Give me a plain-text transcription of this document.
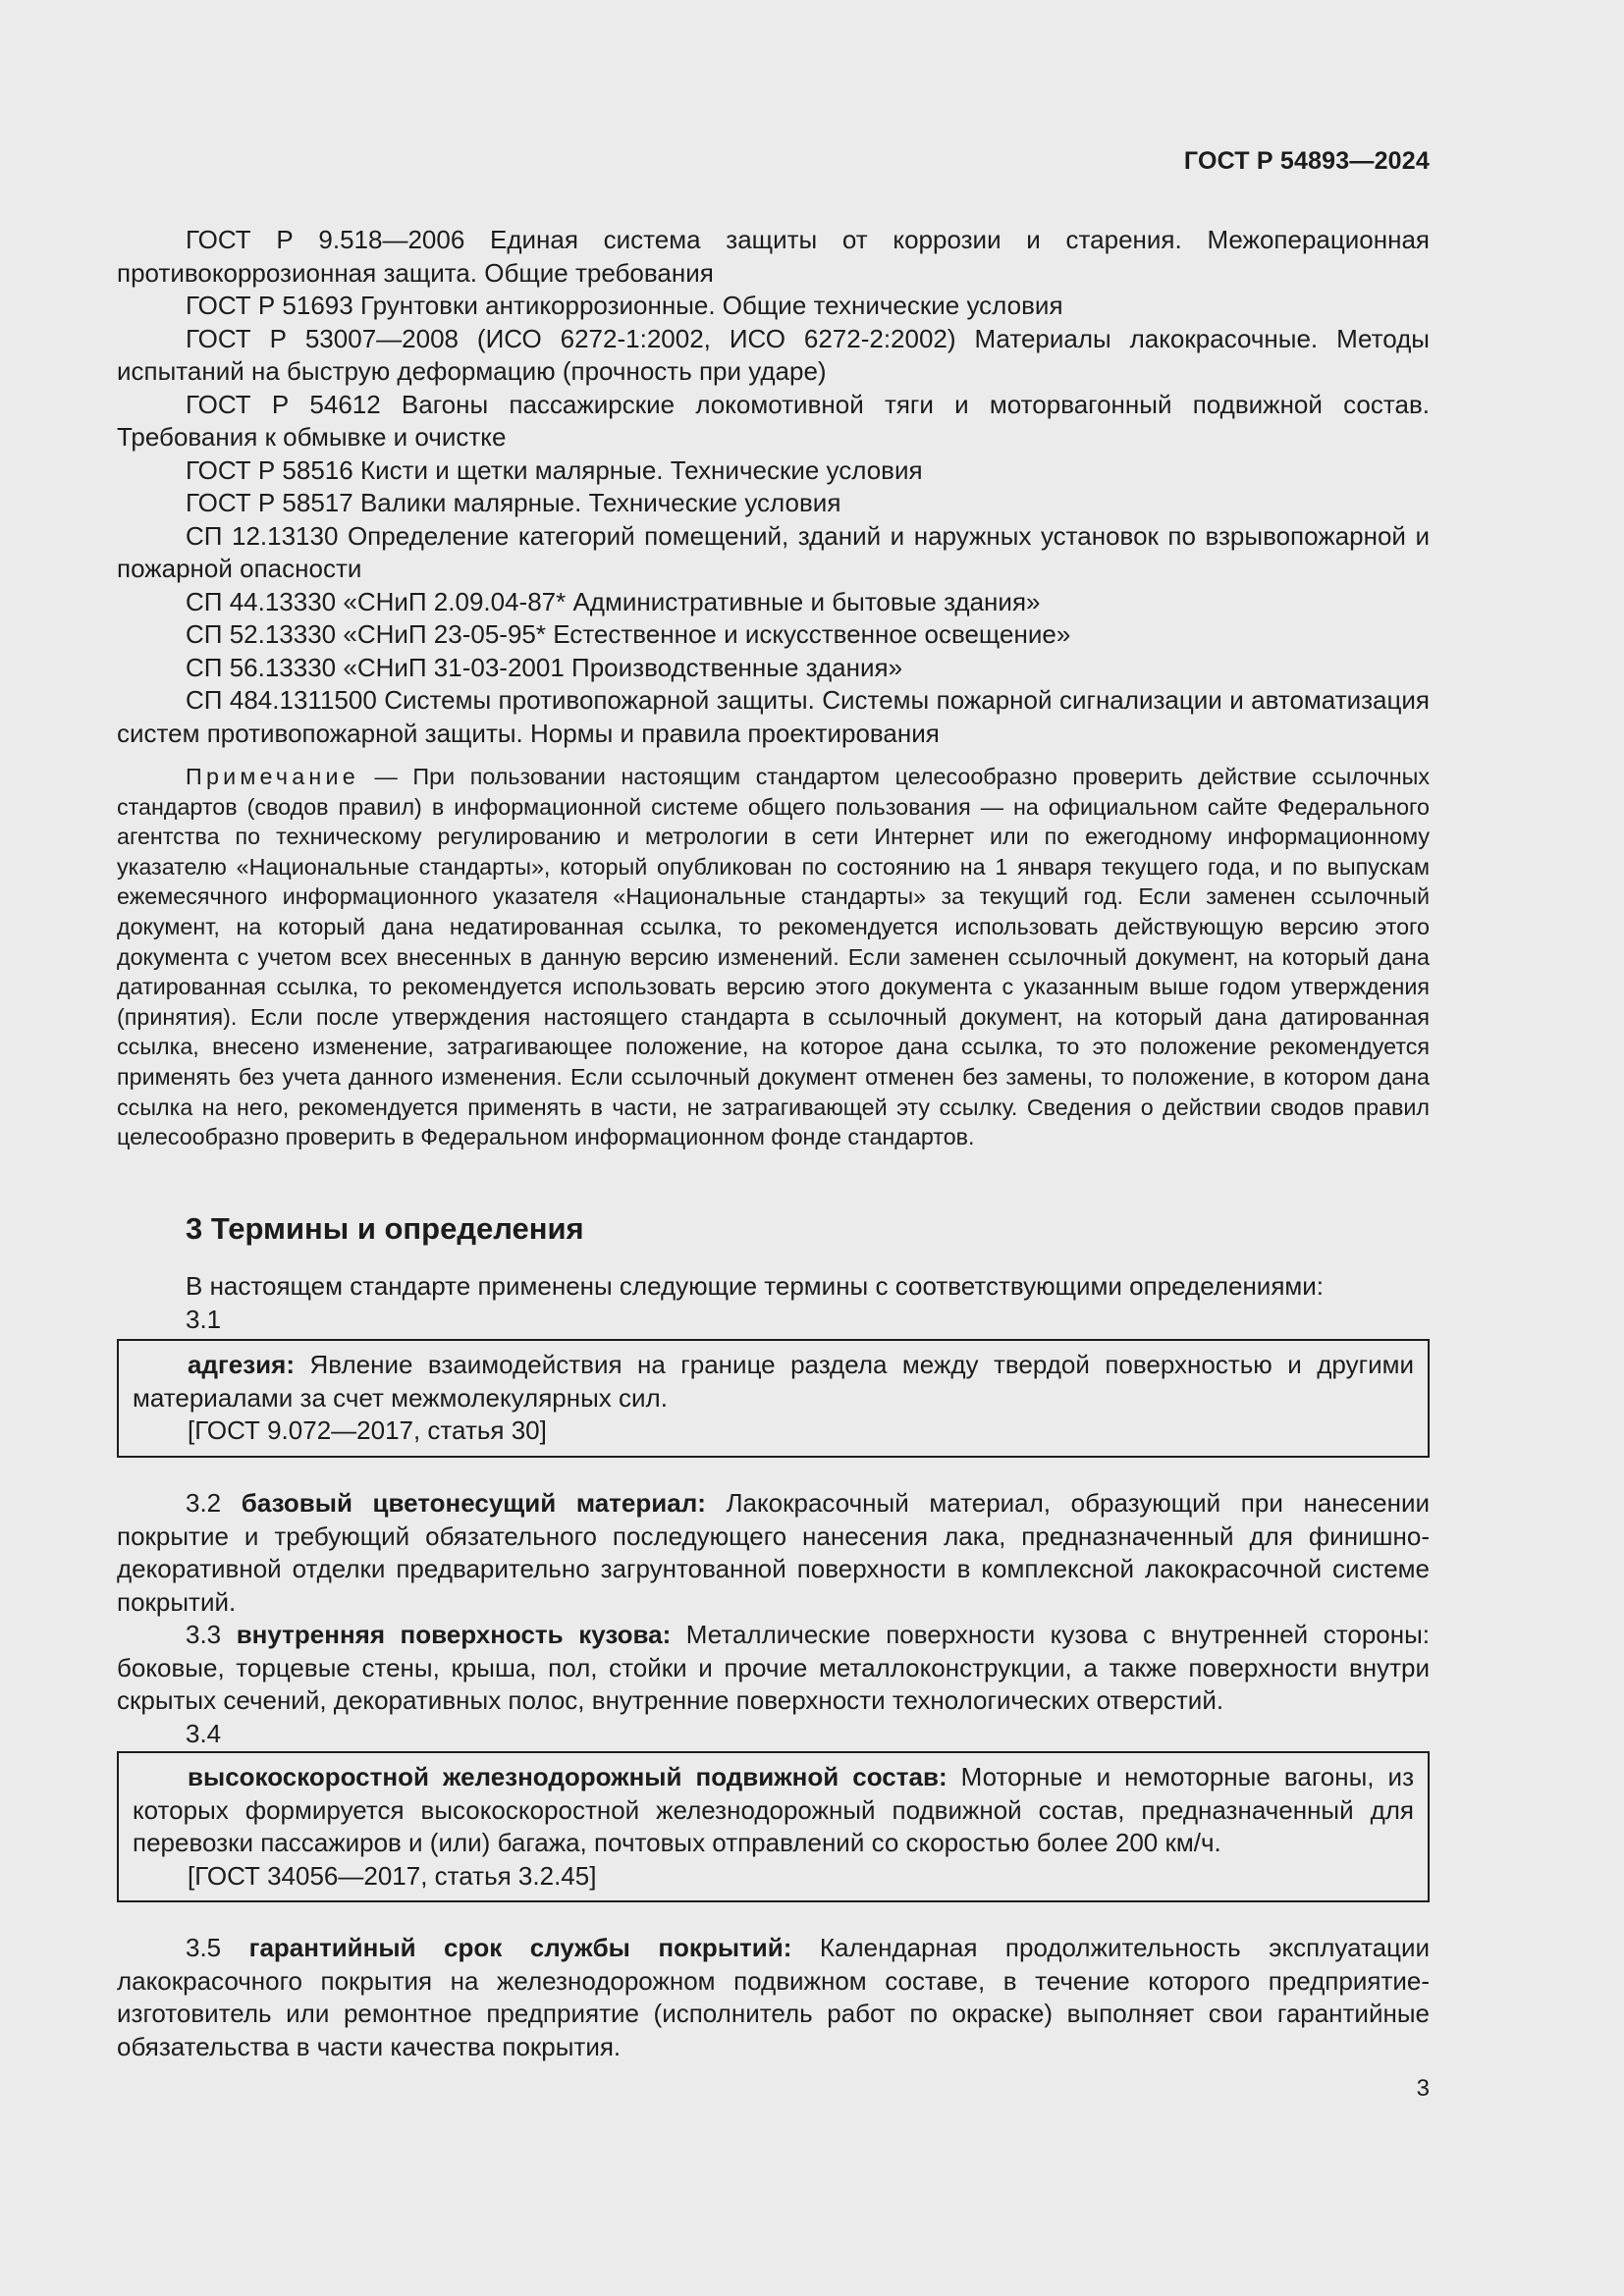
ГОСТ Р 54893—2024

ГОСТ Р 9.518—2006 Единая система защиты от коррозии и старения. Межоперационная противокоррозионная защита. Общие требования

ГОСТ Р 51693 Грунтовки антикоррозионные. Общие технические условия

ГОСТ Р 53007—2008 (ИСО 6272-1:2002, ИСО 6272-2:2002) Материалы лакокрасочные. Методы испытаний на быструю деформацию (прочность при ударе)

ГОСТ Р 54612 Вагоны пассажирские локомотивной тяги и моторвагонный подвижной состав. Требования к обмывке и очистке

ГОСТ Р 58516 Кисти и щетки малярные. Технические условия

ГОСТ Р 58517 Валики малярные. Технические условия

СП 12.13130 Определение категорий помещений, зданий и наружных установок по взрывопожарной и пожарной опасности

СП 44.13330 «СНиП 2.09.04-87* Административные и бытовые здания»

СП 52.13330 «СНиП 23-05-95* Естественное и искусственное освещение»

СП 56.13330 «СНиП 31-03-2001 Производственные здания»

СП 484.1311500 Системы противопожарной защиты. Системы пожарной сигнализации и автоматизация систем противопожарной защиты. Нормы и правила проектирования

Примечание — При пользовании настоящим стандартом целесообразно проверить действие ссылочных стандартов (сводов правил) в информационной системе общего пользования — на официальном сайте Федерального агентства по техническому регулированию и метрологии в сети Интернет или по ежегодному информационному указателю «Национальные стандарты», который опубликован по состоянию на 1 января текущего года, и по выпускам ежемесячного информационного указателя «Национальные стандарты» за текущий год. Если заменен ссылочный документ, на который дана недатированная ссылка, то рекомендуется использовать действующую версию этого документа с учетом всех внесенных в данную версию изменений. Если заменен ссылочный документ, на который дана датированная ссылка, то рекомендуется использовать версию этого документа с указанным выше годом утверждения (принятия). Если после утверждения настоящего стандарта в ссылочный документ, на который дана датированная ссылка, внесено изменение, затрагивающее положение, на которое дана ссылка, то это положение рекомендуется применять без учета данного изменения. Если ссылочный документ отменен без замены, то положение, в котором дана ссылка на него, рекомендуется применять в части, не затрагивающей эту ссылку. Сведения о действии сводов правил целесообразно проверить в Федеральном информационном фонде стандартов.

3 Термины и определения

В настоящем стандарте применены следующие термины с соответствующими определениями:

3.1

адгезия: Явление взаимодействия на границе раздела между твердой поверхностью и другими материалами за счет межмолекулярных сил.

[ГОСТ 9.072—2017, статья 30]

3.2 базовый цветонесущий материал: Лакокрасочный материал, образующий при нанесении покрытие и требующий обязательного последующего нанесения лака, предназначенный для финишно-декоративной отделки предварительно загрунтованной поверхности в комплексной лакокрасочной системе покрытий.

3.3 внутренняя поверхность кузова: Металлические поверхности кузова с внутренней стороны: боковые, торцевые стены, крыша, пол, стойки и прочие металлоконструкции, а также поверхности внутри скрытых сечений, декоративных полос, внутренние поверхности технологических отверстий.

3.4

высокоскоростной железнодорожный подвижной состав: Моторные и немоторные вагоны, из которых формируется высокоскоростной железнодорожный подвижной состав, предназначенный для перевозки пассажиров и (или) багажа, почтовых отправлений со скоростью более 200 км/ч.

[ГОСТ 34056—2017, статья 3.2.45]

3.5 гарантийный срок службы покрытий: Календарная продолжительность эксплуатации лакокрасочного покрытия на железнодорожном подвижном составе, в течение которого предприятие-изготовитель или ремонтное предприятие (исполнитель работ по окраске) выполняет свои гарантийные обязательства в части качества покрытия.

3
